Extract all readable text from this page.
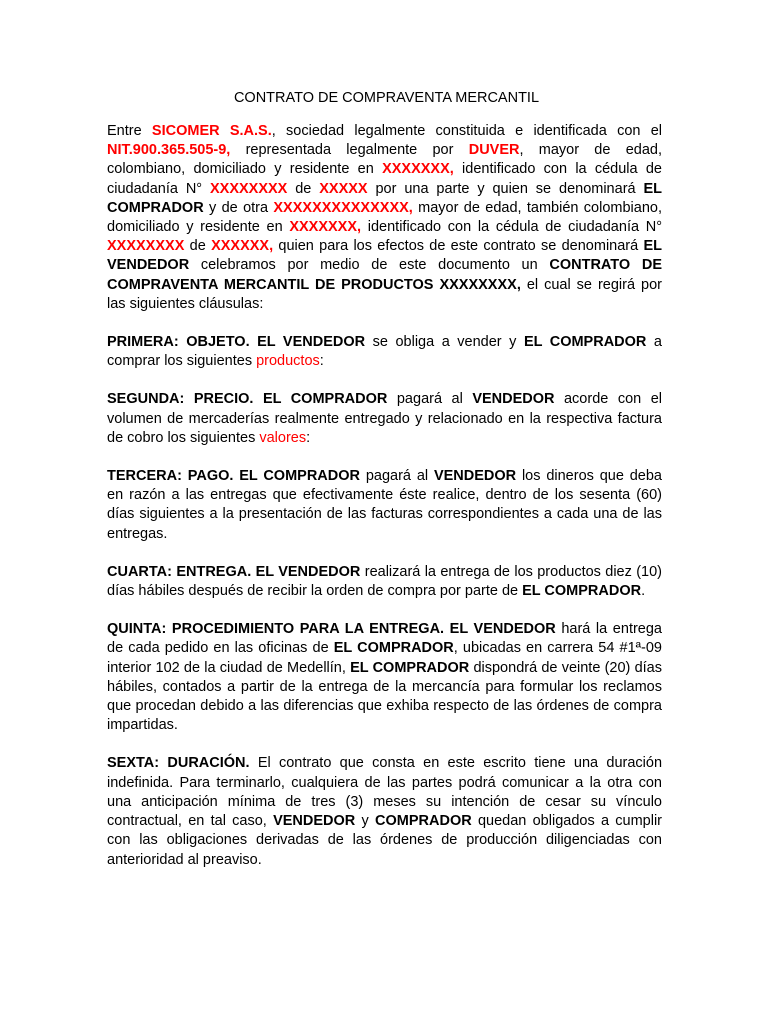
CONTRATO DE COMPRAVENTA MERCANTIL

Entre SICOMER S.A.S., sociedad legalmente constituida e identificada con el NIT.900.365.505-9, representada legalmente por DUVER, mayor de edad, colombiano, domiciliado y residente en XXXXXXX, identificado con la cédula de ciudadanía N° XXXXXXXX de XXXXX por una parte y quien se denominará EL COMPRADOR y de otra XXXXXXXXXXXXXX, mayor de edad, también colombiano, domiciliado y residente en XXXXXXX, identificado con la cédula de ciudadanía N° XXXXXXXX de XXXXXX, quien para los efectos de este contrato se denominará EL VENDEDOR celebramos por medio de este documento un CONTRATO DE COMPRAVENTA MERCANTIL DE PRODUCTOS XXXXXXXX, el cual se regirá por las siguientes cláusulas:

PRIMERA: OBJETO. EL VENDEDOR se obliga a vender y EL COMPRADOR a comprar los siguientes productos:

SEGUNDA: PRECIO. EL COMPRADOR pagará al VENDEDOR acorde con el volumen de mercaderías realmente entregado y relacionado en la respectiva factura de cobro los siguientes valores:

TERCERA: PAGO. EL COMPRADOR pagará al VENDEDOR los dineros que deba en razón a las entregas que efectivamente éste realice, dentro de los sesenta (60) días siguientes a la presentación de las facturas correspondientes a cada una de las entregas.

CUARTA: ENTREGA. EL VENDEDOR realizará la entrega de los productos diez (10) días hábiles después de recibir la orden de compra por parte de EL COMPRADOR.

QUINTA: PROCEDIMIENTO PARA LA ENTREGA. EL VENDEDOR hará la entrega de cada pedido en las oficinas de EL COMPRADOR, ubicadas en carrera 54 #1ª-09 interior 102 de la ciudad de Medellín, EL COMPRADOR dispondrá de veinte (20) días hábiles, contados a partir de la entrega de la mercancía para formular los reclamos que procedan debido a las diferencias que exhiba respecto de las órdenes de compra impartidas.

SEXTA: DURACIÓN. El contrato que consta en este escrito tiene una duración indefinida. Para terminarlo, cualquiera de las partes podrá comunicar a la otra con una anticipación mínima de tres (3) meses su intención de cesar su vínculo contractual, en tal caso, VENDEDOR y COMPRADOR quedan obligados a cumplir con las obligaciones derivadas de las órdenes de producción diligenciadas con anterioridad al preaviso.
